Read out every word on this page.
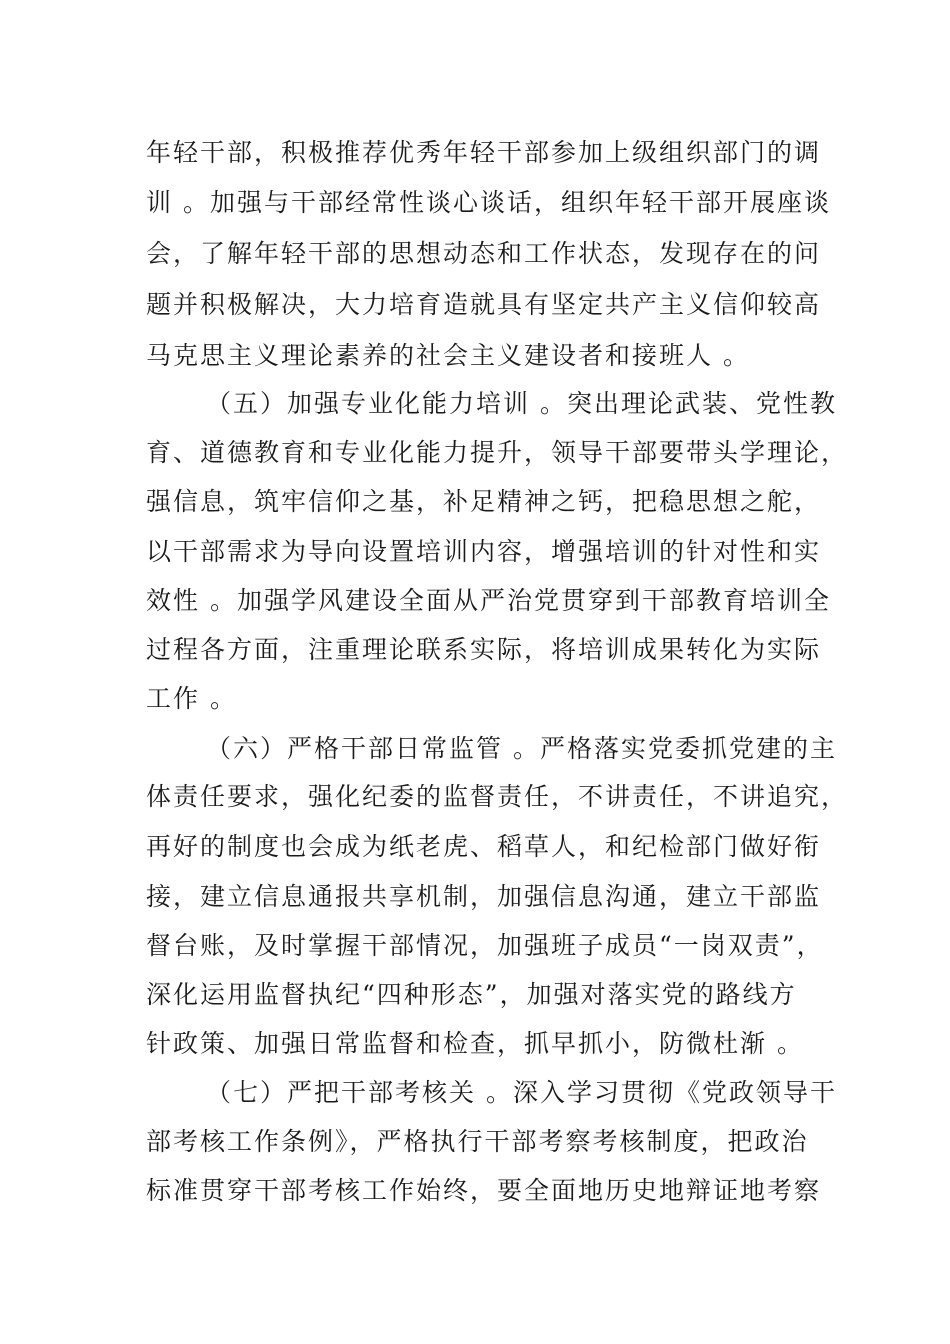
年轻干部，积极推荐优秀年轻干部参加上级组织部门的调
训 。加强与干部经常性谈心谈话，组织年轻干部开展座谈
会，了解年轻干部的思想动态和工作状态，发现存在的问
题并积极解决，大力培育造就具有坚定共产主义信仰较高
马克思主义理论素养的社会主义建设者和接班人 。
（五）加强专业化能力培训 。突出理论武装、党性教
育、道德教育和专业化能力提升，领导干部要带头学理论，
强信息，筑牢信仰之基，补足精神之钙，把稳思想之舵，
以干部需求为导向设置培训内容，增强培训的针对性和实
效性 。加强学风建设全面从严治党贯穿到干部教育培训全
过程各方面，注重理论联系实际，将培训成果转化为实际
工作 。
（六）严格干部日常监管 。严格落实党委抓党建的主
体责任要求，强化纪委的监督责任，不讲责任，不讲追究，
再好的制度也会成为纸老虎、稻草人，和纪检部门做好衔
接，建立信息通报共享机制，加强信息沟通，建立干部监
督台账，及时掌握干部情况，加强班子成员“一岗双责”，
深化运用监督执纪“四种形态”，加强对落实党的路线方
针政策、加强日常监督和检查，抓早抓小，防微杜渐 。
（七）严把干部考核关 。深入学习贯彻《党政领导干
部考核工作条例》，严格执行干部考察考核制度，把政治
标准贯穿干部考核工作始终，要全面地历史地辩证地考察
